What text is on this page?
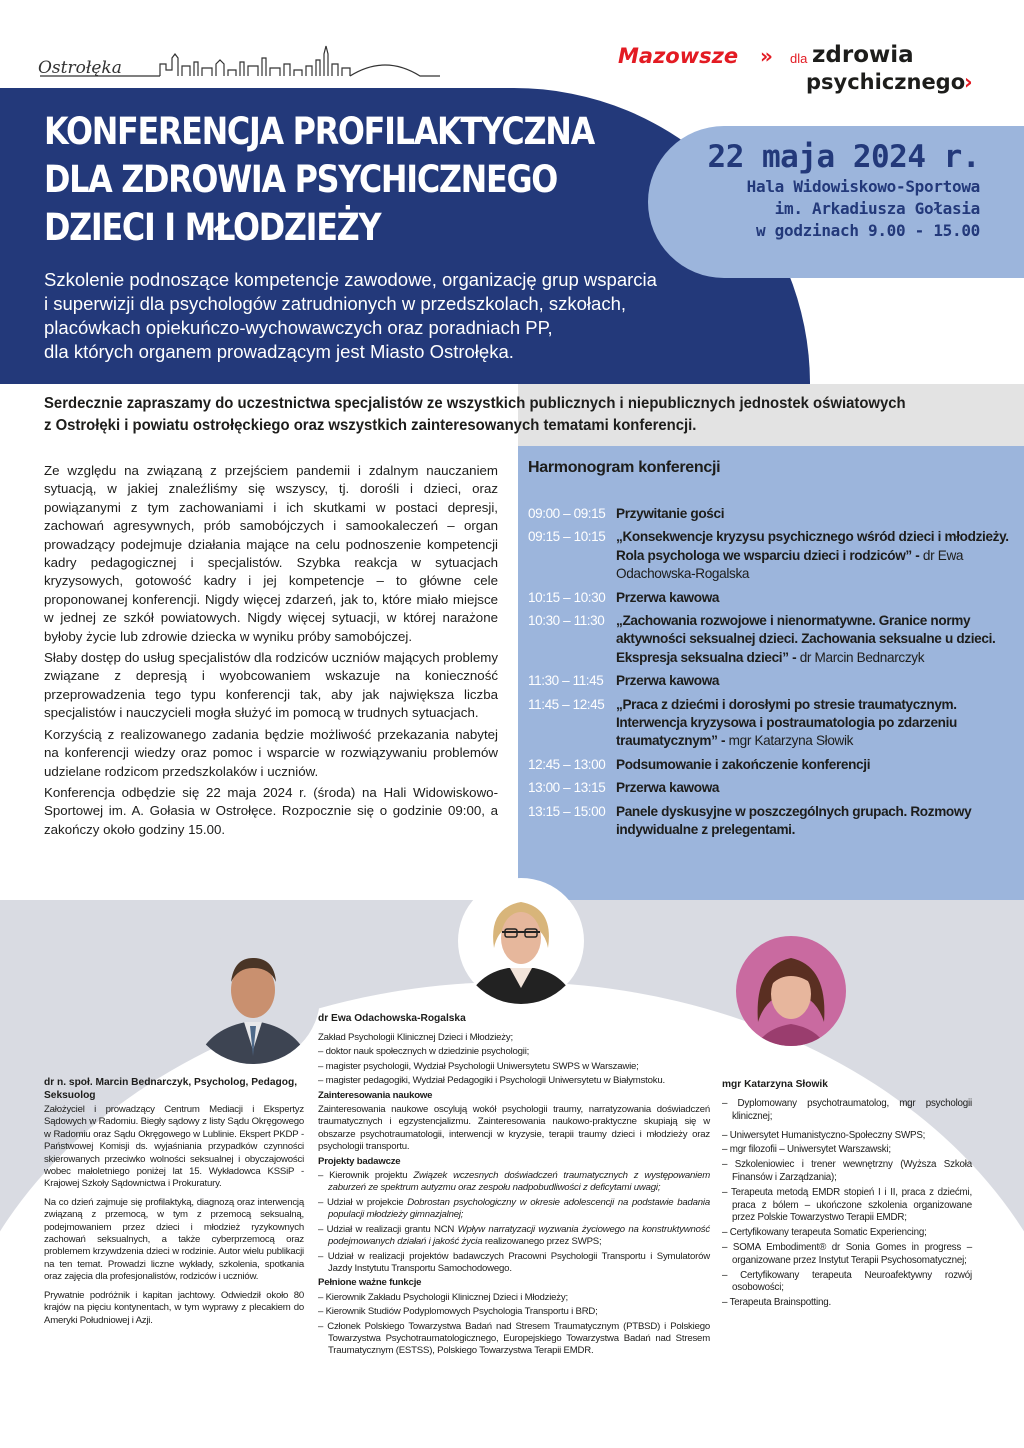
Ostrołęka	Mazowsze » dla zdrowia
psychicznego
›
KONFERENCJA PROFILAKTYCZNA
DLA ZDROWIA PSYCHICZNEGO
DZIECI I MŁODZIEŻY
Szkolenie podnoszące kompetencje zawodowe, organizację grup wsparcia
i superwizji dla psychologów zatrudnionych w przedszkolach, szkołach,
placówkach opiekuńczo-wychowawczych oraz poradniach PP,
dla których organem prowadzącym jest Miasto Ostrołęka.
22 maja 2024 r.
Hala Widowiskowo-Sportowa
im. Arkadiusza Gołasia
w godzinach 9.00 - 15.00
Serdecznie zapraszamy do uczestnictwa specjalistów ze wszystkich publicznych i niepublicznych jednostek oświatowych
z Ostrołęki i powiatu ostrołęckiego oraz wszystkich zainteresowanych tematami konferencji.

Ze względu na związaną z przejściem pandemii i zdalnym nauczaniem sytuacją, w jakiej znaleźliśmy się wszyscy, tj. dorośli i dzieci, oraz powiązanymi z tym zachowaniami i ich skutkami w postaci depresji, zachowań agresywnych, prób samobójczych i samookaleczeń – organ prowadzący podejmuje działania mające na celu podnoszenie kompetencji kadry pedagogicznej i specjalistów. Szybka reakcja w sytuacjach kryzysowych, gotowość kadry i jej kompetencje – to główne cele proponowanej konferencji. Nigdy więcej zdarzeń, jak to, które miało miejsce w jednej ze szkół powiatowych. Nigdy więcej sytuacji, w której narażone byłoby życie lub zdrowie dziecka w wyniku próby samobójczej.

Słaby dostęp do usług specjalistów dla rodziców uczniów mających problemy związane z depresją i wyobcowaniem wskazuje na konieczność przeprowadzenia tego typu konferencji tak, aby jak największa liczba specjalistów i nauczycieli mogła służyć im pomocą w trudnych sytuacjach.

Korzyścią z realizowanego zadania będzie możliwość przekazania nabytej na konferencji wiedzy oraz pomoc i wsparcie w rozwiązywaniu problemów udzielane rodzicom przedszkolaków i uczniów.

Konferencja odbędzie się 22 maja 2024 r. (środa) na Hali Widowiskowo-Sportowej im. A. Gołasia w Ostrołęce. Rozpocznie się o godzinie 09:00, a zakończy około godziny 15.00.

Harmonogram konferencji
09:00 – 09:15 Przywitanie gości
09:15 – 10:15 „Konsekwencje kryzysu psychicznego wśród dzieci i młodzieży. Rola psychologa we wsparciu dzieci i rodziców” - dr Ewa Odachowska-Rogalska
10:15 – 10:30 Przerwa kawowa
10:30 – 11:30 „Zachowania rozwojowe i nienormatywne. Granice normy aktywności seksualnej dzieci. Zachowania seksualne u dzieci. Ekspresja seksualna dzieci” - dr Marcin Bednarczyk
11:30 – 11:45 Przerwa kawowa
11:45 – 12:45 „Praca z dziećmi i dorosłymi po stresie traumatycznym. Interwencja kryzysowa i postraumatologia po zdarzeniu traumatycznym” - mgr Katarzyna Słowik
12:45 – 13:00 Podsumowanie i zakończenie konferencji
13:00 – 13:15 Przerwa kawowa
13:15 – 15:00 Panele dyskusyjne w poszczególnych grupach. Rozmowy indywidualne z prelegentami.
dr n. społ. Marcin Bednarczyk, Psycholog, Pedagog, Seksuolog

Założyciel i prowadzący Centrum Mediacji i Ekspertyz Sądowych w Radomiu. Biegły sądowy z listy Sądu Okręgowego w Radomiu oraz Sądu Okręgowego w Lublinie. Ekspert PKDP - Państwowej Komisji ds. wyjaśniania przypadków czynności skierowanych przeciwko wolności seksualnej i obyczajowości wobec małoletniego poniżej lat 15. Wykładowca KSSiP - Krajowej Szkoły Sądownictwa i Prokuratury.

Na co dzień zajmuje się profilaktyką, diagnozą oraz interwencją związaną z przemocą, w tym z przemocą seksualną, podejmowaniem przez dzieci i młodzież ryzykownych zachowań seksualnych, a także cyberprzemocą oraz problemem krzywdzenia dzieci w rodzinie. Autor wielu publikacji na ten temat. Prowadzi liczne wykłady, szkolenia, spotkania oraz zajęcia dla profesjonalistów, rodziców i uczniów.

Prywatnie podróżnik i kapitan jachtowy. Odwiedził około 80 krajów na pięciu kontynentach, w tym wyprawy z plecakiem do Ameryki Południowej i Azji.

dr Ewa Odachowska-Rogalska

Zakład Psychologii Klinicznej Dzieci i Młodzieży;

– doktor nauk społecznych w dziedzinie psychologii;

– magister psychologii, Wydział Psychologii Uniwersytetu SWPS w Warszawie;

– magister pedagogiki, Wydział Pedagogiki i Psychologii Uniwersytetu w Białymstoku.

Zainteresowania naukowe

Zainteresowania naukowe oscylują wokół psychologii traumy, narratyzowania doświadczeń traumatycznych i egzystencjalizmu. Zainteresowania naukowo-praktyczne skupiają się w obszarze psychotraumatologii, interwencji w kryzysie, terapii traumy dzieci i młodzieży oraz psychologii transportu.

Projekty badawcze

– Kierownik projektu Związek wczesnych doświadczeń traumatycznych z występowaniem zaburzeń ze spektrum autyzmu oraz zespołu nadpobudliwości z deficytami uwagi;

– Udział w projekcie Dobrostan psychologiczny w okresie adolescencji na podstawie badania populacji młodzieży gimnazjalnej;

– Udział w realizacji grantu NCN Wpływ narratyzacji wyzwania życiowego na konstruktywność podejmowanych działań i jakość życia realizowanego przez SWPS;

– Udział w realizacji projektów badawczych Pracowni Psychologii Transportu i Symulatorów Jazdy Instytutu Transportu Samochodowego.

Pełnione ważne funkcje

– Kierownik Zakładu Psychologii Klinicznej Dzieci i Młodzieży;

– Kierownik Studiów Podyplomowych Psychologia Transportu i BRD;

– Członek Polskiego Towarzystwa Badań nad Stresem Traumatycznym (PTBSD) i Polskiego Towarzystwa Psychotraumatologicznego, Europejskiego Towarzystwa Badań nad Stresem Traumatycznym (ESTSS), Polskiego Towarzystwa Terapii EMDR.

mgr Katarzyna Słowik

– Dyplomowany psychotraumatolog, mgr psychologii klinicznej;

– Uniwersytet Humanistyczno-Społeczny SWPS;

– mgr filozofii – Uniwersytet Warszawski;

– Szkoleniowiec i trener wewnętrzny (Wyższa Szkoła Finansów i Zarządzania);

– Terapeuta metodą EMDR stopień I i II, praca z dziećmi, praca z bólem – ukończone szkolenia organizowane przez Polskie Towarzystwo Terapii EMDR;

– Certyfikowany terapeuta Somatic Experiencing;

– SOMA Embodiment® dr Sonia Gomes in progress – organizowane przez Instytut Terapii Psychosomatycznej;

– Certyfikowany terapeuta Neuroafektywny rozwój osobowości;

– Terapeuta Brainspotting.
